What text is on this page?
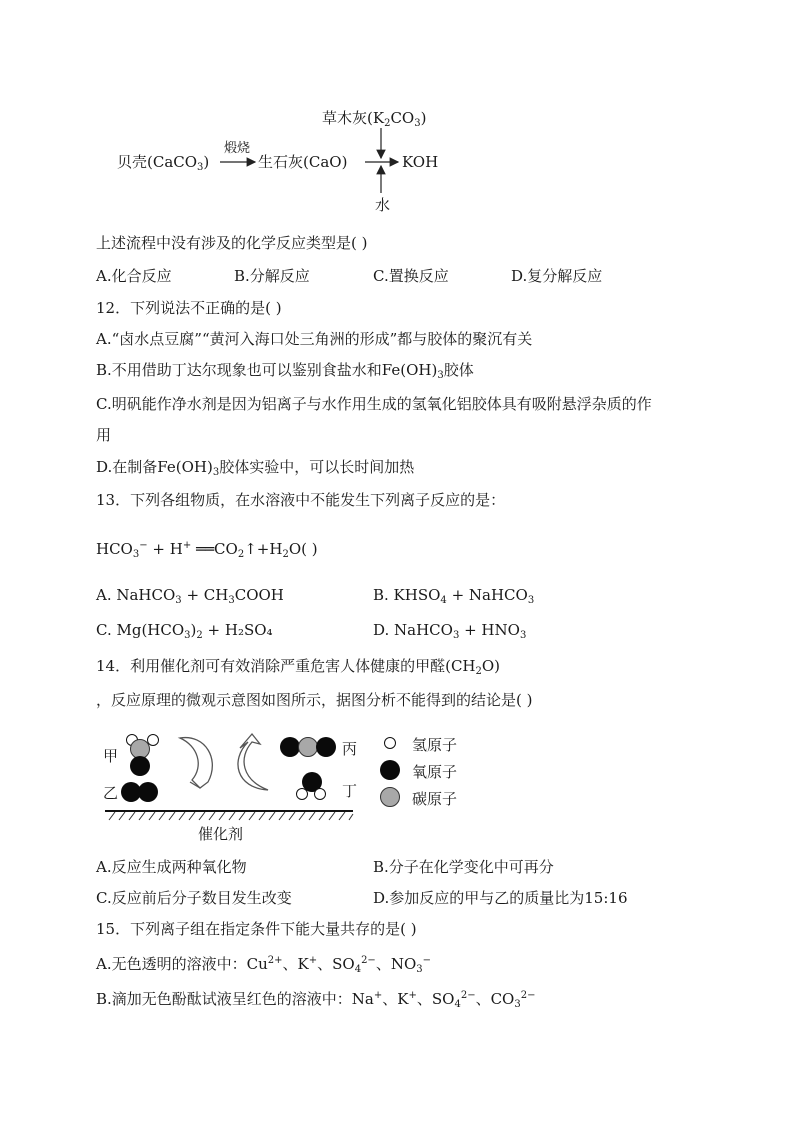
草木灰$(K_2CO_3)$
贝壳(CaCO$_3$)
煅烧
生石灰(CaO)	KOH
水
上述流程中没有涉及的化学反应类型是( )
A.化合反应	B.分解反应	C.置换反应	D.复分解反应
12．下列说法不正确的是( )
A.“卤水点豆腐”“黄河入海口处三角洲的形成”都与胶体的聚沉有关
B.不用借助丁达尔现象也可以鉴别食盐水和$Fe(OH)_3$胶体
C.明矾能作净水剂是因为铝离子与水作用生成的氢氧化铝胶体具有吸附悬浮杂质的作
用
D.在制备$Fe(OH)_3$胶体实验中，可以长时间加热
13．下列各组物质，在水溶液中不能发生下列离子反应的是：
$HCO_3^- + H^+$ $══CO_2↑+H_2O$( )
A. NaHCO$_3$ + $CH_3COOH$	B. $KHSO_4$ + NaHCO$_3$
C. $Mg(HCO_3)_2 + H_2SO_4$	D. NaHCO$_3$ + $HNO_3$
14．利用催化剂可有效消除严重危害人体健康的甲醛$(CH_2O)$
，反应原理的微观示意图如图所示，据图分析不能得到的结论是( )
甲
乙
丙
丁
催化剂
氢原子
氧原子
碳原子
A.反应生成两种氧化物	B.分子在化学变化中可再分
C.反应前后分子数目发生改变	D.参加反应的甲与乙的质量比为15:16
15．下列离子组在指定条件下能大量共存的是( )
A.无色透明的溶液中：$Cu^{2+}$、K+、$SO_4^{2-}$、$NO_3^-$
B.滴加无色酚酞试液呈红色的溶液中：Na+、K+、$SO_4^{2-}$、$CO_3^{2-}$
